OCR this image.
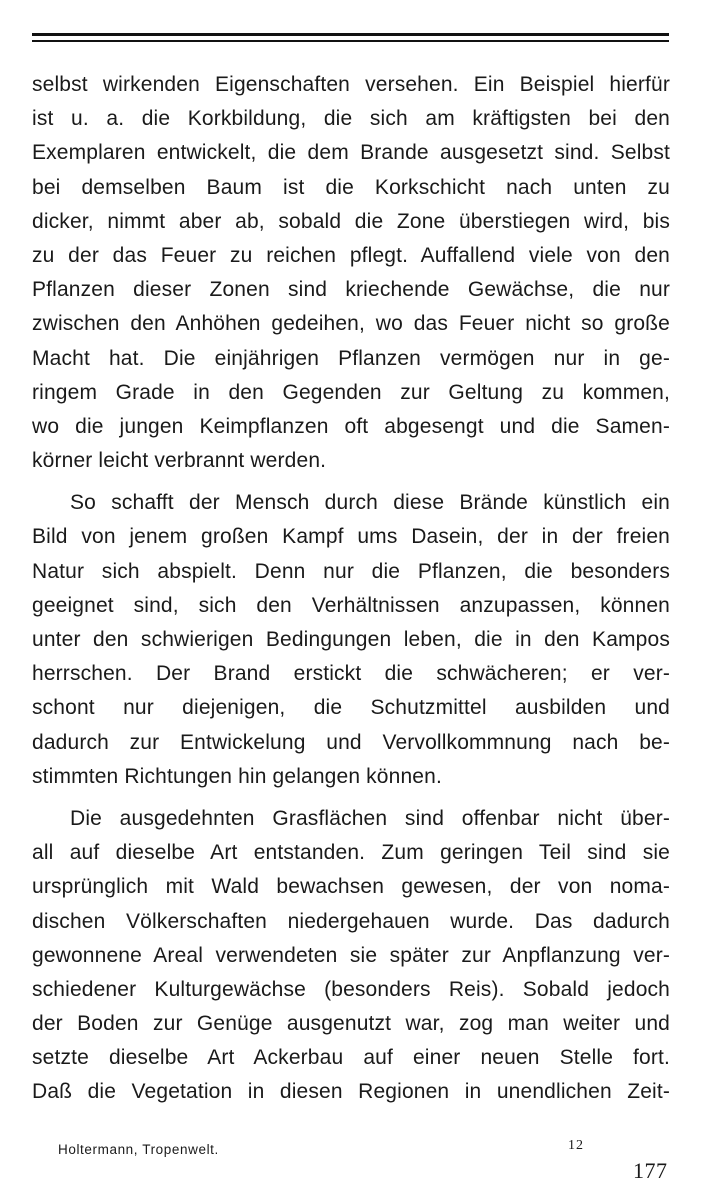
selbst wirkenden Eigenschaften versehen. Ein Beispiel hierfür
ist u. a. die Korkbildung, die sich am kräftigsten bei den
Exemplaren entwickelt, die dem Brande ausgesetzt sind. Selbst
bei demselben Baum ist die Korkschicht nach unten zu
dicker, nimmt aber ab, sobald die Zone überstiegen wird, bis
zu der das Feuer zu reichen pflegt. Auffallend viele von den
Pflanzen dieser Zonen sind kriechende Gewächse, die nur
zwischen den Anhöhen gedeihen, wo das Feuer nicht so große
Macht hat. Die einjährigen Pflanzen vermögen nur in ge-
ringem Grade in den Gegenden zur Geltung zu kommen,
wo die jungen Keimpflanzen oft abgesengt und die Samen-
körner leicht verbrannt werden.
So schafft der Mensch durch diese Brände künstlich ein
Bild von jenem großen Kampf ums Dasein, der in der freien
Natur sich abspielt. Denn nur die Pflanzen, die besonders
geeignet sind, sich den Verhältnissen anzupassen, können
unter den schwierigen Bedingungen leben, die in den Kampos
herrschen. Der Brand erstickt die schwächeren; er ver-
schont nur diejenigen, die Schutzmittel ausbilden und
dadurch zur Entwickelung und Vervollkommnung nach be-
stimmten Richtungen hin gelangen können.
Die ausgedehnten Grasflächen sind offenbar nicht über-
all auf dieselbe Art entstanden. Zum geringen Teil sind sie
ursprünglich mit Wald bewachsen gewesen, der von noma-
dischen Völkerschaften niedergehauen wurde. Das dadurch
gewonnene Areal verwendeten sie später zur Anpflanzung ver-
schiedener Kulturgewächse (besonders Reis). Sobald jedoch
der Boden zur Genüge ausgenutzt war, zog man weiter und
setzte dieselbe Art Ackerbau auf einer neuen Stelle fort.
Daß die Vegetation in diesen Regionen in unendlichen Zeit-
Holtermann, Tropenwelt.	12
177
